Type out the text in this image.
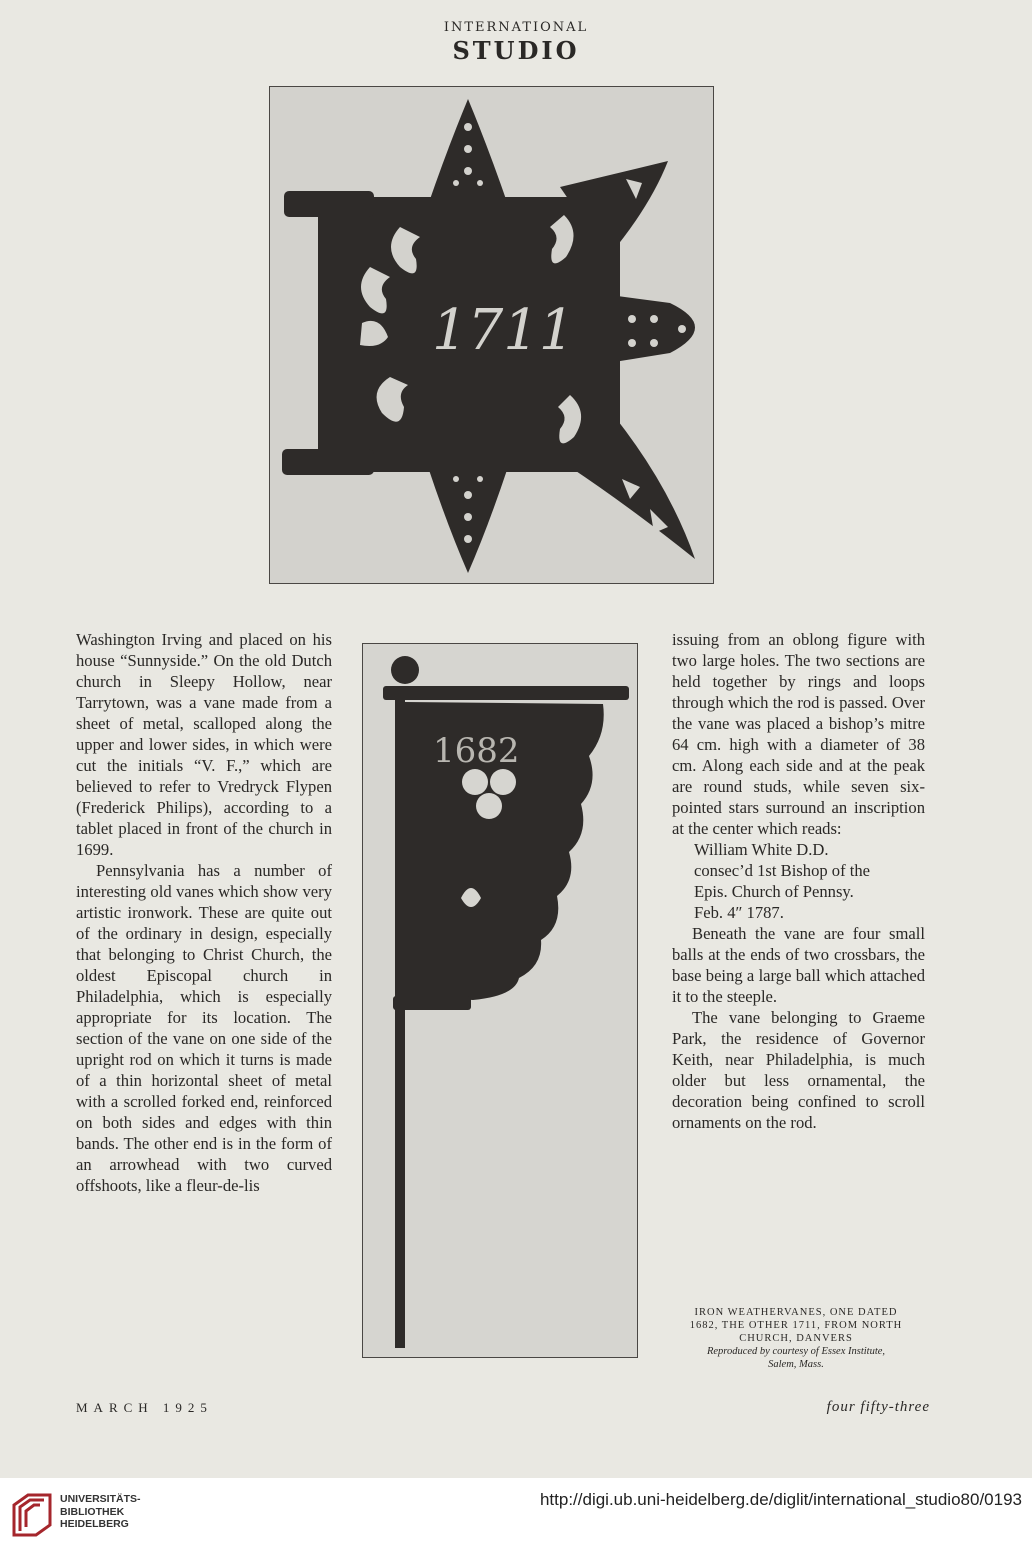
INTERNATIONAL
STUDIO
1711
1682

Washington Irving and placed on his house “Sunnyside.” On the old Dutch church in Sleepy Hollow, near Tarrytown, was a vane made from a sheet of metal, scalloped along the upper and lower sides, in which were cut the initials “V. F.,” which are believed to refer to Vredryck Flypen (Frederick Philips), according to a tablet placed in front of the church in 1699.

Pennsylvania has a number of interesting old vanes which show very artistic ironwork. These are quite out of the ordinary in design, especially that belonging to Christ Church, the oldest Episcopal church in Philadelphia, which is especially appropriate for its location. The section of the vane on one side of the upright rod on which it turns is made of a thin horizontal sheet of metal with a scrolled forked end, reinforced on both sides and edges with thin bands. The other end is in the form of an arrowhead with two curved offshoots, like a fleur-de-lis

issuing from an oblong figure with two large holes. The two sections are held together by rings and loops through which the rod is passed. Over the vane was placed a bishop’s mitre 64 cm. high with a diameter of 38 cm. Along each side and at the peak are round studs, while seven six-pointed stars surround an inscription at the center which reads:

William White D.D.
consec’d 1st Bishop of the
Epis. Church of Pennsy.
Feb. 4″ 1787.

Beneath the vane are four small balls at the ends of two crossbars, the base being a large ball which attached it to the steeple.

The vane belonging to Graeme Park, the residence of Governor Keith, near Philadelphia, is much older but less ornamental, the decoration being confined to scroll ornaments on the rod.

IRON WEATHERVANES, ONE DATED
1682, THE OTHER 1711, FROM NORTH
CHURCH, DANVERS
Reproduced by courtesy of Essex Institute,
Salem, Mass.
MARCH 1925	four fifty-three
UNIVERSITÄTS-
BIBLIOTHEK
HEIDELBERG
http://digi.ub.uni-heidelberg.de/diglit/international_studio80/0193
